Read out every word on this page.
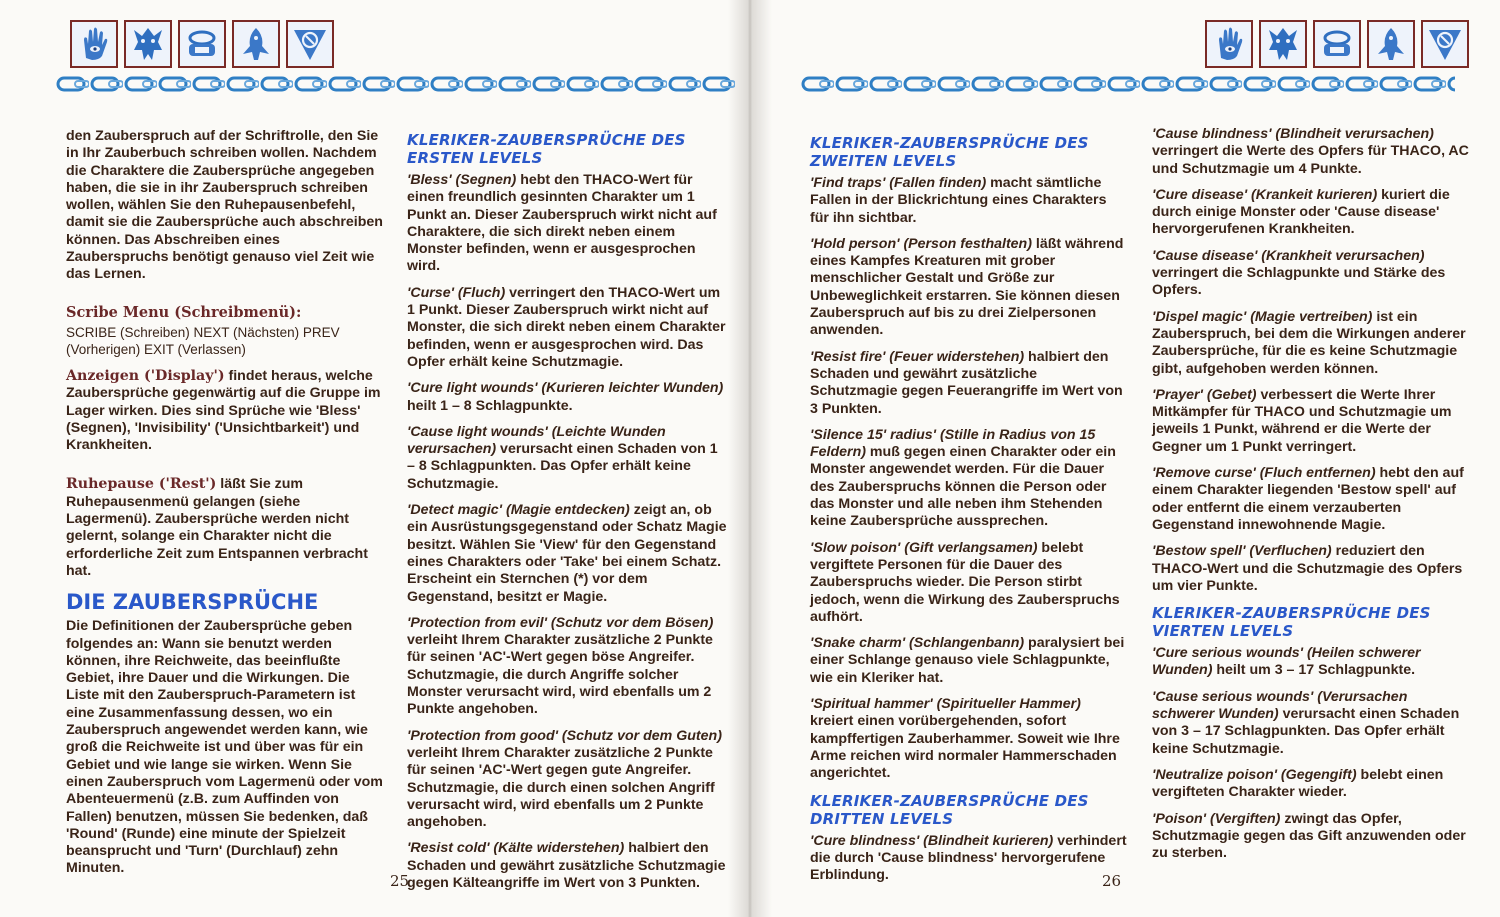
den Zauberspruch auf der Schriftrolle, den Sie in Ihr Zauberbuch schreiben wollen. Nachdem die Charaktere die Zaubersprüche angegeben haben, die sie in ihr Zauberspruch schreiben wollen, wählen Sie den Ruhepausenbefehl, damit sie die Zaubersprüche auch abschreiben können. Das Abschreiben eines Zauberspruchs benötigt genauso viel Zeit wie das Lernen.

Scribe Menu (Schreibmenü):

SCRIBE (Schreiben) NEXT (Nächsten) PREV (Vorherigen) EXIT (Verlassen)

Anzeigen ('Display') findet heraus, welche Zaubersprüche gegenwärtig auf die Gruppe im Lager wirken. Dies sind Sprüche wie 'Bless' (Segnen), 'Invisibility' ('Unsichtbarkeit') und Krankheiten.

Ruhepause ('Rest') läßt Sie zum Ruhepausenmenü gelangen (siehe Lagermenü). Zaubersprüche werden nicht gelernt, solange ein Charakter nicht die erforderliche Zeit zum Entspannen verbracht hat.

DIE ZAUBERSPRÜCHE

Die Definitionen der Zaubersprüche geben folgendes an: Wann sie benutzt werden können, ihre Reichweite, das beeinflußte Gebiet, ihre Dauer und die Wirkungen. Die Liste mit den Zauberspruch-Parametern ist eine Zusammenfassung dessen, wo ein Zauberspruch angewendet werden kann, wie groß die Reichweite ist und über was für ein Gebiet und wie lange sie wirken. Wenn Sie einen Zauberspruch vom Lagermenü oder vom Abenteuermenü (z.B. zum Auffinden von Fallen) benutzen, müssen Sie bedenken, daß 'Round' (Runde) eine minute der Spielzeit beansprucht und 'Turn' (Durchlauf) zehn Minuten.

KLERIKER-ZAUBERSPRÜCHE DES ERSTEN LEVELS

'Bless' (Segnen) hebt den THACO-Wert für einen freundlich gesinnten Charakter um 1 Punkt an. Dieser Zauberspruch wirkt nicht auf Charaktere, die sich direkt neben einem Monster befinden, wenn er ausgesprochen wird.

'Curse' (Fluch) verringert den THACO-Wert um 1 Punkt. Dieser Zauberspruch wirkt nicht auf Monster, die sich direkt neben einem Charakter befinden, wenn er ausgesprochen wird. Das Opfer erhält keine Schutzmagie.

'Cure light wounds' (Kurieren leichter Wunden) heilt 1 – 8 Schlagpunkte.

'Cause light wounds' (Leichte Wunden verursachen) verursacht einen Schaden von 1 – 8 Schlagpunkten. Das Opfer erhält keine Schutzmagie.

'Detect magic' (Magie entdecken) zeigt an, ob ein Ausrüstungsgegenstand oder Schatz Magie besitzt. Wählen Sie 'View' für den Gegenstand eines Charakters oder 'Take' bei einem Schatz. Erscheint ein Sternchen (*) vor dem Gegenstand, besitzt er Magie.

'Protection from evil' (Schutz vor dem Bösen) verleiht Ihrem Charakter zusätzliche 2 Punkte für seinen 'AC'-Wert gegen böse Angreifer. Schutzmagie, die durch Angriffe solcher Monster verursacht wird, wird ebenfalls um 2 Punkte angehoben.

'Protection from good' (Schutz vor dem Guten) verleiht Ihrem Charakter zusätzliche 2 Punkte für seinen 'AC'-Wert gegen gute Angreifer. Schutzmagie, die durch einen solchen Angriff verursacht wird, wird ebenfalls um 2 Punkte angehoben.

'Resist cold' (Kälte widerstehen) halbiert den Schaden und gewährt zusätzliche Schutzmagie gegen Kälteangriffe im Wert von 3 Punkten.

KLERIKER-ZAUBERSPRÜCHE DES ZWEITEN LEVELS

'Find traps' (Fallen finden) macht sämtliche Fallen in der Blickrichtung eines Charakters für ihn sichtbar.

'Hold person' (Person festhalten) läßt während eines Kampfes Kreaturen mit grober menschlicher Gestalt und Größe zur Unbeweglichkeit erstarren. Sie können diesen Zauberspruch auf bis zu drei Zielpersonen anwenden.

'Resist fire' (Feuer widerstehen) halbiert den Schaden und gewährt zusätzliche Schutzmagie gegen Feuerangriffe im Wert von 3 Punkten.

'Silence 15' radius' (Stille in Radius von 15 Feldern) muß gegen einen Charakter oder ein Monster angewendet werden. Für die Dauer des Zauberspruchs können die Person oder das Monster und alle neben ihm Stehenden keine Zaubersprüche aussprechen.

'Slow poison' (Gift verlangsamen) belebt vergiftete Personen für die Dauer des Zauberspruchs wieder. Die Person stirbt jedoch, wenn die Wirkung des Zauberspruchs aufhört.

'Snake charm' (Schlangenbann) paralysiert bei einer Schlange genauso viele Schlagpunkte, wie ein Kleriker hat.

'Spiritual hammer' (Spiritueller Hammer) kreiert einen vorübergehenden, sofort kampffertigen Zauberhammer. Soweit wie Ihre Arme reichen wird normaler Hammerschaden angerichtet.

KLERIKER-ZAUBERSPRÜCHE DES DRITTEN LEVELS

'Cure blindness' (Blindheit kurieren) verhindert die durch 'Cause blindness' hervorgerufene Erblindung.

'Cause blindness' (Blindheit verursachen) verringert die Werte des Opfers für THACO, AC und Schutzmagie um 4 Punkte.

'Cure disease' (Krankeit kurieren) kuriert die durch einige Monster oder 'Cause disease' hervorgerufenen Krankheiten.

'Cause disease' (Krankheit verursachen) verringert die Schlagpunkte und Stärke des Opfers.

'Dispel magic' (Magie vertreiben) ist ein Zauberspruch, bei dem die Wirkungen anderer Zaubersprüche, für die es keine Schutzmagie gibt, aufgehoben werden können.

'Prayer' (Gebet) verbessert die Werte Ihrer Mitkämpfer für THACO und Schutzmagie um jeweils 1 Punkt, während er die Werte der Gegner um 1 Punkt verringert.

'Remove curse' (Fluch entfernen) hebt den auf einem Charakter liegenden 'Bestow spell' auf oder entfernt die einem verzauberten Gegenstand innewohnende Magie.

'Bestow spell' (Verfluchen) reduziert den THACO-Wert und die Schutzmagie des Opfers um vier Punkte.

KLERIKER-ZAUBERSPRÜCHE DES VIERTEN LEVELS

'Cure serious wounds' (Heilen schwerer Wunden) heilt um 3 – 17 Schlagpunkte.

'Cause serious wounds' (Verursachen schwerer Wunden) verursacht einen Schaden von 3 – 17 Schlagpunkten. Das Opfer erhält keine Schutzmagie.

'Neutralize poison' (Gegengift) belebt einen vergifteten Charakter wieder.

'Poison' (Vergiften) zwingt das Opfer, Schutzmagie gegen das Gift anzuwenden oder zu sterben.

25	26
